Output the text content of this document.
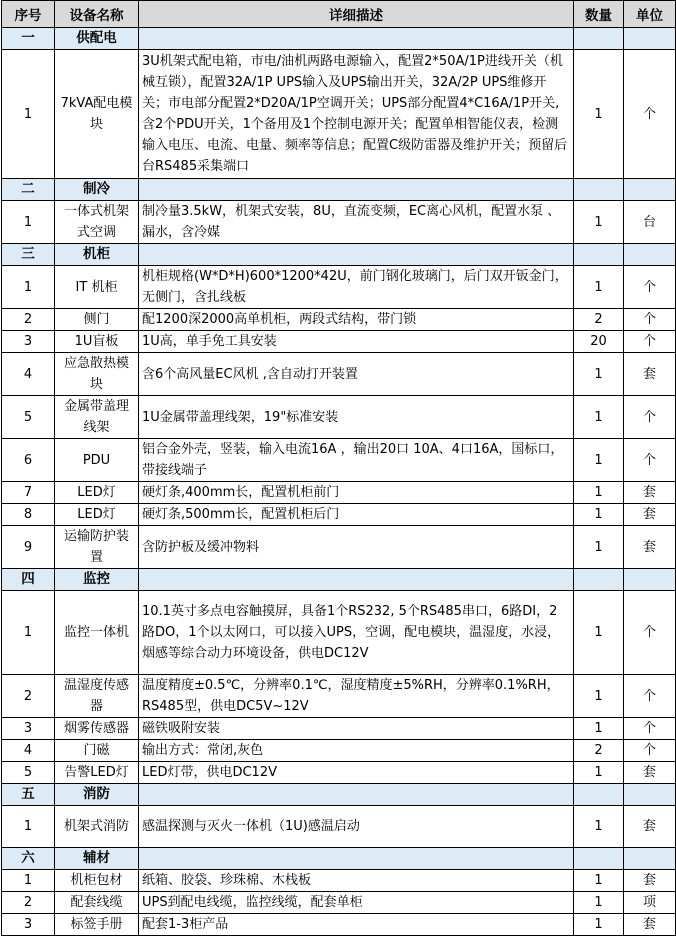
序号	设备名称	详细描述	数量	单位
一	供配电			
1	7kVA配电模块	3U机架式配电箱，市电/油机两路电源输入，配置2*50A/1P进线开关（机械互锁），配置32A/1P UPS输入及UPS输出开关，32A/2P UPS维修开关；市电部分配置2*D20A/1P空调开关；UPS部分配置4*C16A/1P开关,含2个PDU开关，1个备用及1个控制电源开关；配置单相智能仪表，检测输入电压、电流、电量、频率等信息；配置C级防雷器及维护开关；预留后台RS485采集端口	1	个
二	制冷			
1	一体式机架式空调	制冷量3.5kW，机架式安装，8U，直流变频，EC离心风机，配置水泵 、漏水，含冷媒	1	台
三	机柜			
1	IT 机柜	机柜规格(W*D*H)600*1200*42U，前门钢化玻璃门，后门双开钣金门，无侧门，含扎线板	1	个
2	侧门	配1200深2000高单机柜，两段式结构，带门锁	2	个
3	1U盲板	1U高，单手免工具安装	20	个
4	应急散热模块	含6个高风量EC风机 ,含自动打开装置	1	套
5	金属带盖理线架	1U金属带盖理线架，19"标准安装	1	个
6	PDU	铝合金外壳，竖装，输入电流16A ，输出20口 10A、4口16A，国标口，带接线端子	1	个
7	LED灯	硬灯条,400mm长，配置机柜前门	1	套
8	LED灯	硬灯条,500mm长，配置机柜后门	1	套
9	运输防护装置	含防护板及缓冲物料	1	套
四	监控			
1	监控一体机	10.1英寸多点电容触摸屏，具备1个RS232, 5个RS485串口，6路DI，2路DO，1个以太网口，可以接入UPS，空调，配电模块，温湿度，水浸，烟感等综合动力环境设备，供电DC12V	1	个
2	温湿度传感器	温度精度±0.5℃，分辨率0.1℃，湿度精度±5%RH，分辨率0.1%RH，RS485型，供电DC5V~12V	1	个
3	烟雾传感器	磁铁吸附安装	1	个
4	门磁	输出方式：常闭,灰色	2	个
5	告警LED灯	LED灯带，供电DC12V	1	套
五	消防			
1	机架式消防	感温探测与灭火一体机（1U)感温启动	1	套
六	辅材			
1	机柜包材	纸箱、胶袋、珍珠棉、木栈板	1	套
2	配套线缆	UPS到配电线缆，监控线缆，配套单柜	1	项
3	标签手册	配套1-3柜产品	1	套
